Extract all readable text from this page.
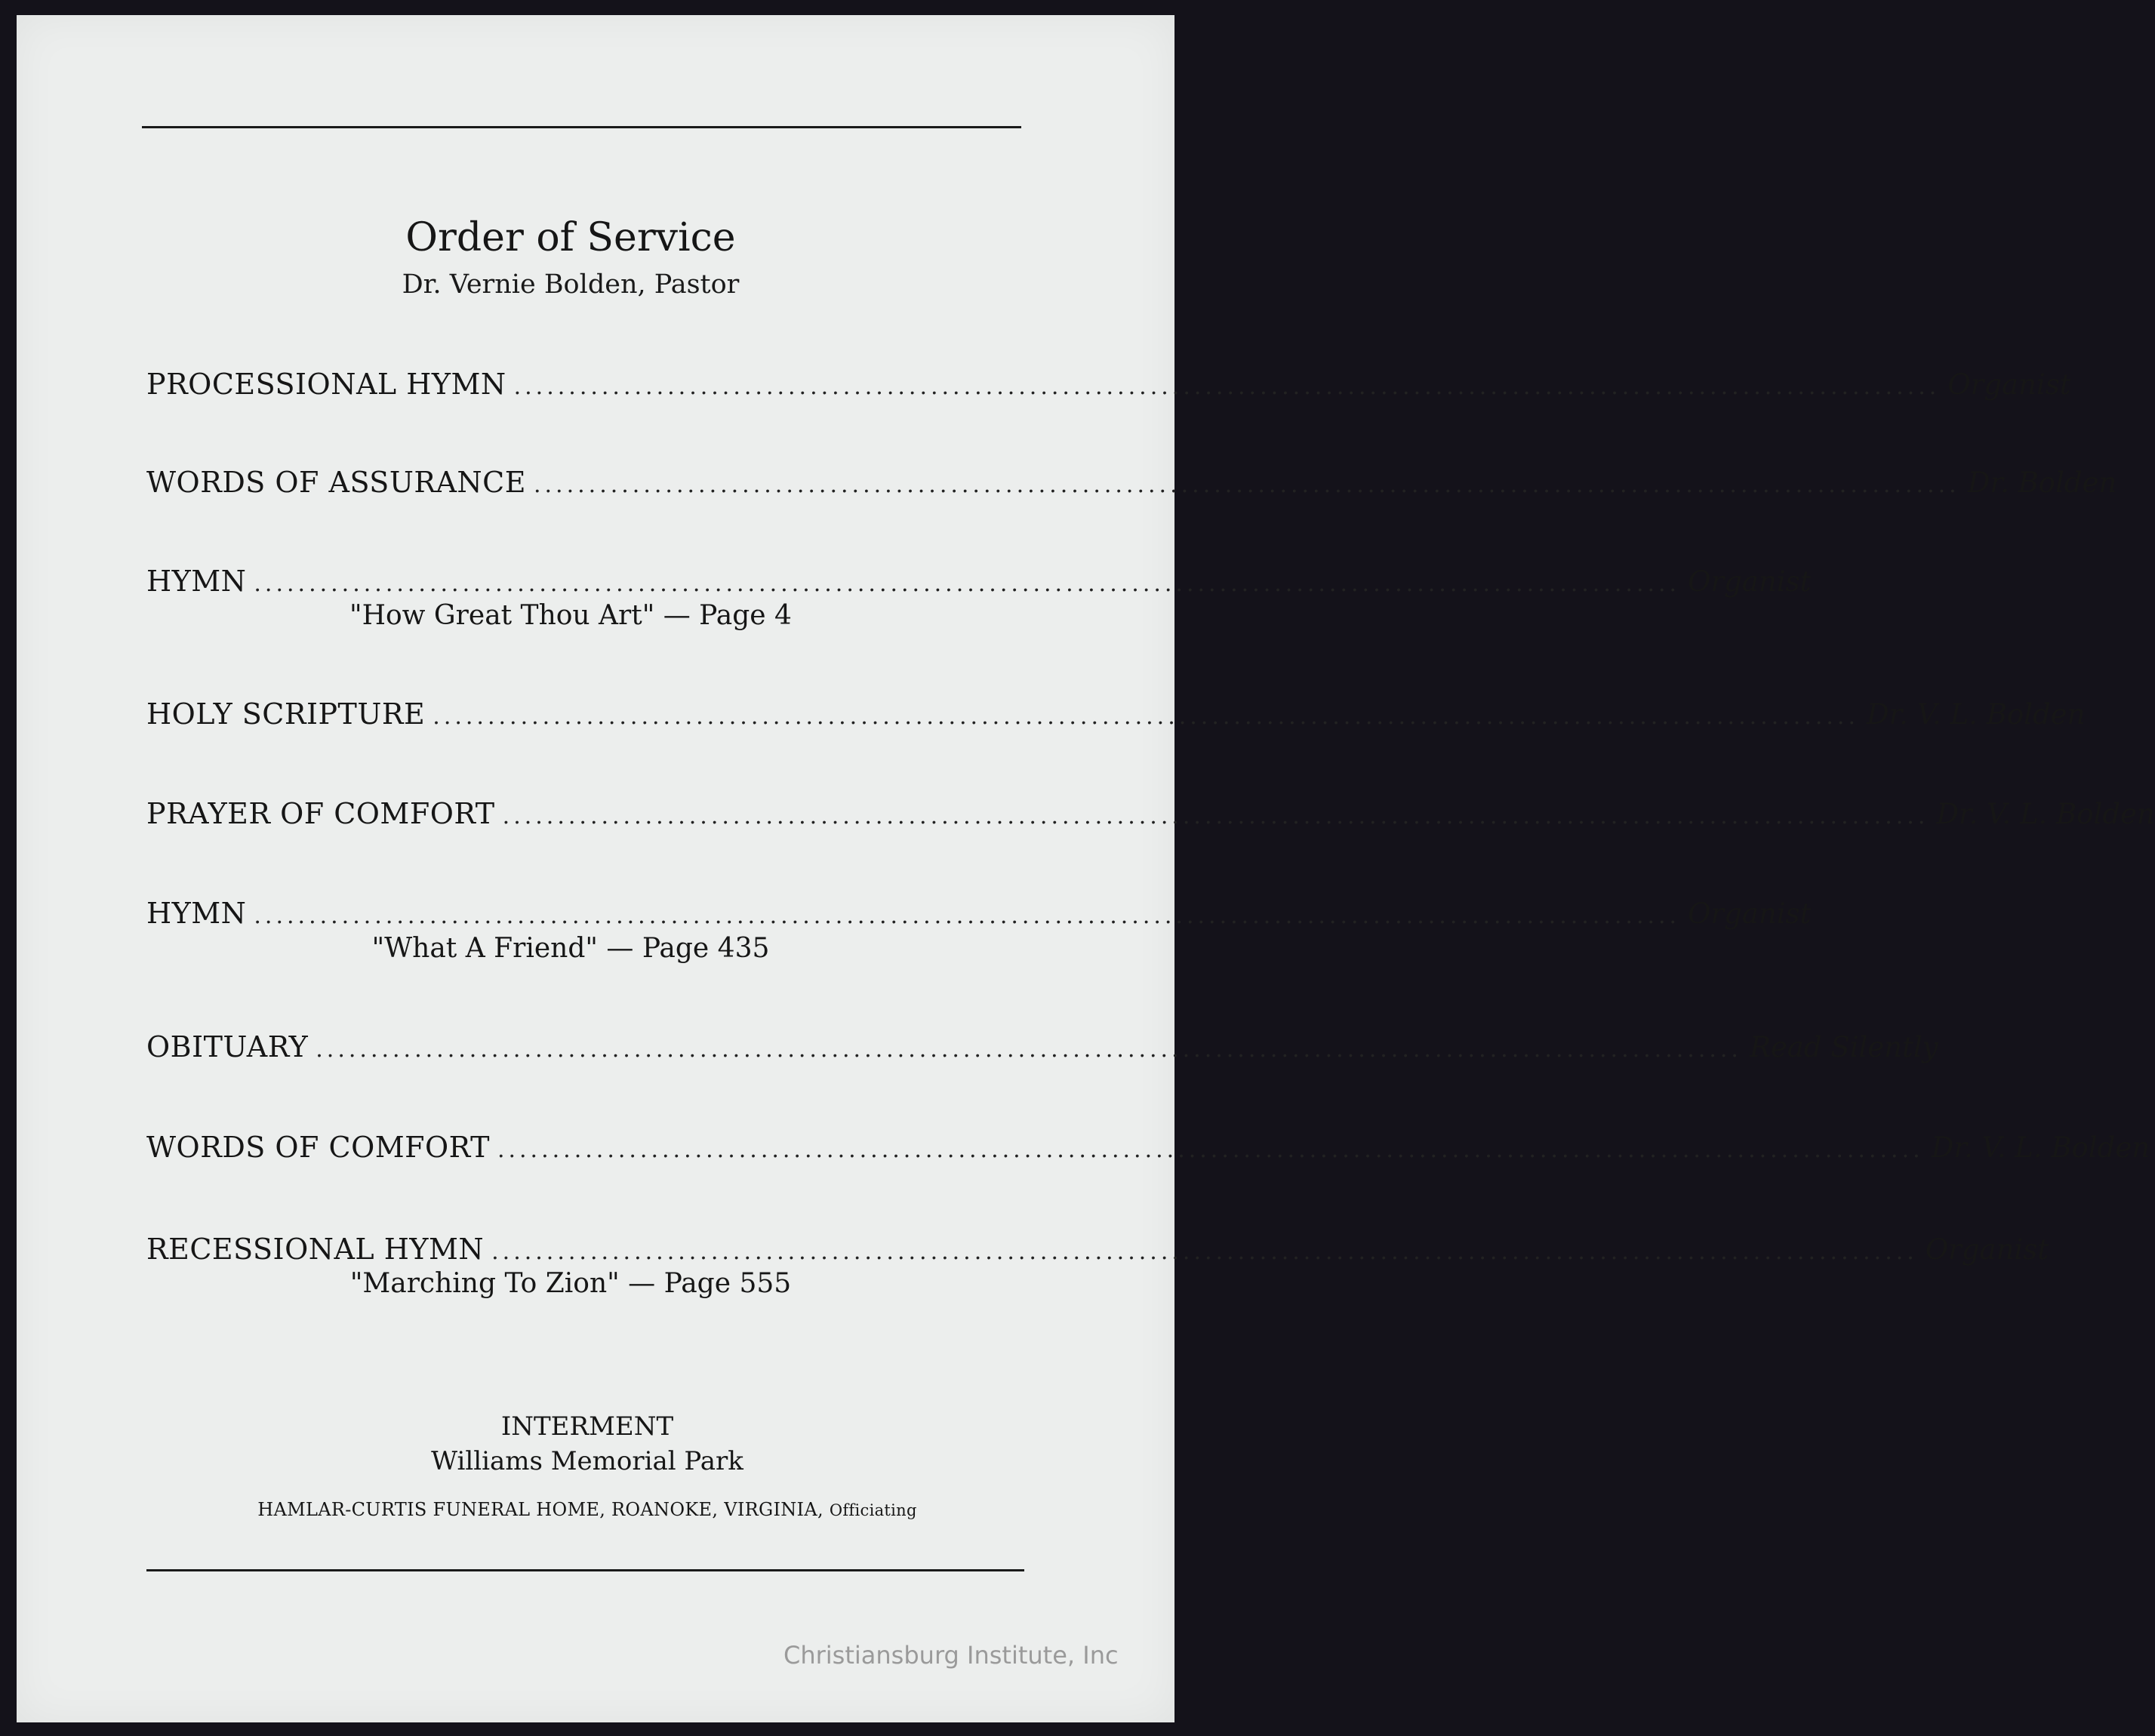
Order of Service
Dr. Vernie Bolden, Pastor
PROCESSIONAL HYMN .................................................................................................................................. Organist
WORDS OF ASSURANCE .................................................................................................................................. Dr. Bolden
HYMN .................................................................................................................................. Organist
"How Great Thou Art" — Page 4
HOLY SCRIPTURE .................................................................................................................................. Dr. V. L. Bolden
PRAYER OF COMFORT .................................................................................................................................. Dr. V. L. Bolden
HYMN .................................................................................................................................. Organist
"What A Friend" — Page 435
OBITUARY .................................................................................................................................. Read Silently
WORDS OF COMFORT .................................................................................................................................. Dr. V. L. Bolden
RECESSIONAL HYMN .................................................................................................................................. Organist
"Marching To Zion" — Page 555
INTERMENT
Williams Memorial Park
HAMLAR-CURTIS FUNERAL HOME, ROANOKE, VIRGINIA, Officiating
Christiansburg Institute, Inc
